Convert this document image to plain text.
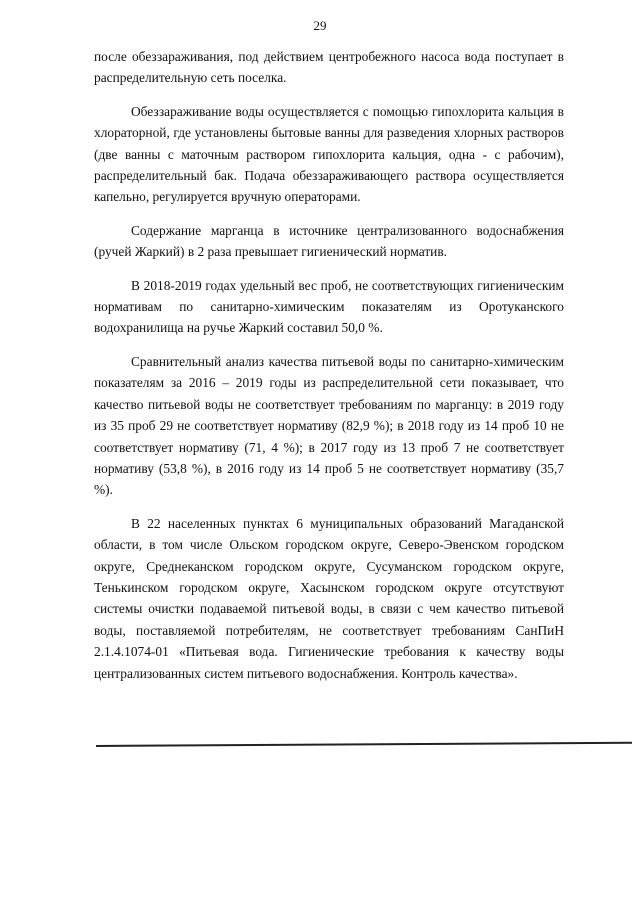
29

после обеззараживания, под действием центробежного насоса вода поступает в распределительную сеть поселка.

Обеззараживание воды осуществляется с помощью гипохлорита кальция в хлораторной, где установлены бытовые ванны для разведения хлорных растворов (две ванны с маточным раствором гипохлорита кальция, одна - с рабочим), распределительный бак. Подача обеззараживающего раствора осуществляется капельно, регулируется вручную операторами.

Содержание марганца в источнике централизованного водоснабжения (ручей Жаркий) в 2 раза превышает гигиенический норматив.

В 2018-2019 годах удельный вес проб, не соответствующих гигиеническим нормативам по санитарно-химическим показателям из Оротуканского водохранилища на ручье Жаркий составил 50,0 %.

Сравнительный анализ качества питьевой воды по санитарно-химическим показателям за 2016 – 2019 годы из распределительной сети показывает, что качество питьевой воды не соответствует требованиям по марганцу: в 2019 году из 35 проб 29 не соответствует нормативу (82,9 %); в 2018 году из 14 проб 10 не соответствует нормативу (71, 4 %); в 2017 году из 13 проб 7 не соответствует нормативу (53,8 %), в 2016 году из 14 проб 5 не соответствует нормативу (35,7 %).

В 22 населенных пунктах 6 муниципальных образований Магаданской области, в том числе Ольском городском округе, Северо-Эвенском городском округе, Среднеканском городском округе, Сусуманском городском округе, Тенькинском городском округе, Хасынском городском округе отсутствуют системы очистки подаваемой питьевой воды, в связи с чем качество питьевой воды, поставляемой потребителям, не соответствует требованиям СанПиН 2.1.4.1074-01 «Питьевая вода. Гигиенические требования к качеству воды централизованных систем питьевого водоснабжения. Контроль качества».
